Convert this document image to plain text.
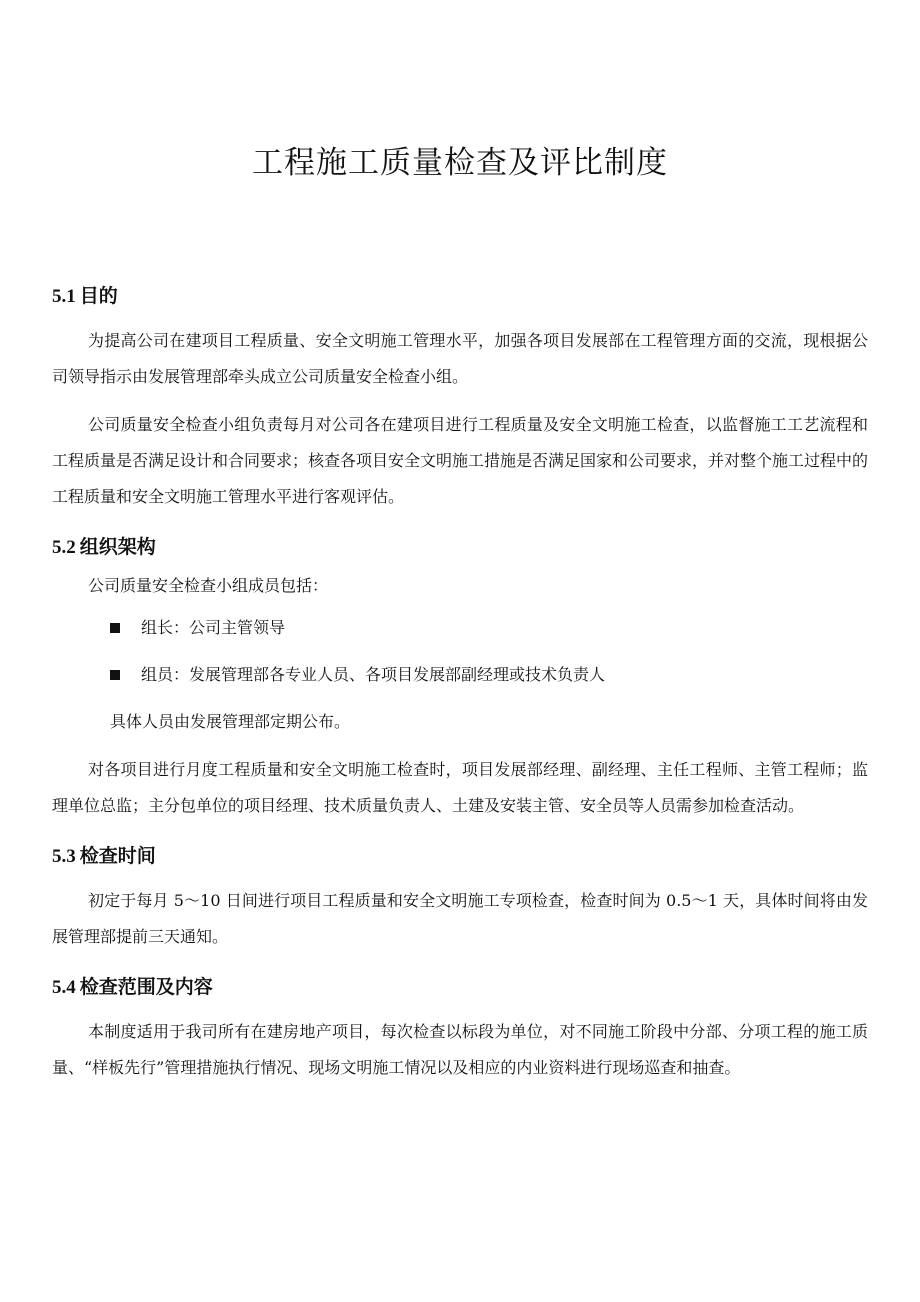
工程施工质量检查及评比制度
5.1 目的

为提高公司在建项目工程质量、安全文明施工管理水平，加强各项目发展部在工程管理方面的交流，现根据公司领导指示由发展管理部牵头成立公司质量安全检查小组。

公司质量安全检查小组负责每月对公司各在建项目进行工程质量及安全文明施工检查，以监督施工工艺流程和工程质量是否满足设计和合同要求；核查各项目安全文明施工措施是否满足国家和公司要求，并对整个施工过程中的工程质量和安全文明施工管理水平进行客观评估。

5.2 组织架构

公司质量安全检查小组成员包括：

组长：公司主管领导
组员：发展管理部各专业人员、各项目发展部副经理或技术负责人

具体人员由发展管理部定期公布。

对各项目进行月度工程质量和安全文明施工检查时，项目发展部经理、副经理、主任工程师、主管工程师；监理单位总监；主分包单位的项目经理、技术质量负责人、土建及安装主管、安全员等人员需参加检查活动。

5.3 检查时间

初定于每月 5～10 日间进行项目工程质量和安全文明施工专项检查，检查时间为 0.5～1 天，具体时间将由发展管理部提前三天通知。

5.4 检查范围及内容

本制度适用于我司所有在建房地产项目，每次检查以标段为单位，对不同施工阶段中分部、分项工程的施工质量、“样板先行”管理措施执行情况、现场文明施工情况以及相应的内业资料进行现场巡查和抽查。
